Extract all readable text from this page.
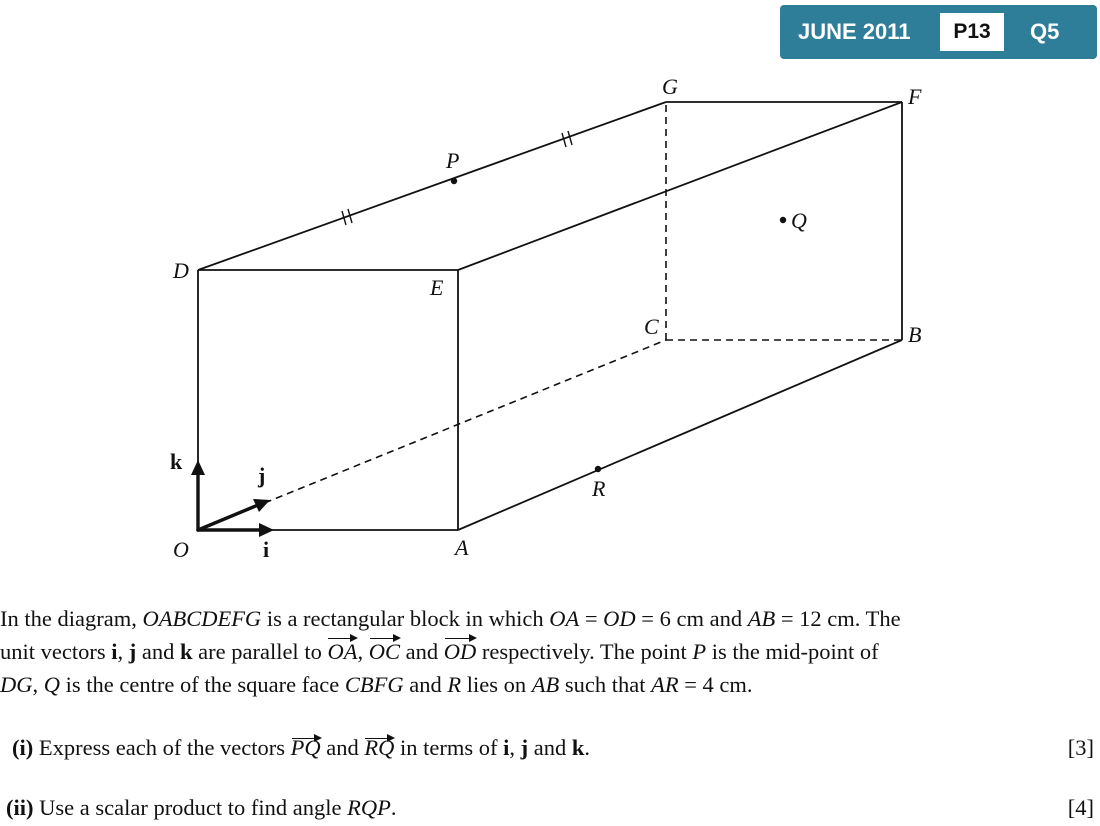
JUNE 2011	P13	Q5
O	A
B
C
D
E
F
G
P
Q
R
k
j
i

In the diagram, OABCDEFG is a rectangular block in which OA = OD = 6 cm and AB = 12 cm. The

unit vectors i, j and k are parallel to OA, OC and OD respectively. The point P is the mid-point of

DG, Q is the centre of the square face CBFG and R lies on AB such that AR = 4 cm.

(i) Express each of the vectors PQ and RQ in terms of i, j and k.	[3]
(ii) Use a scalar product to find angle RQP.	[4]
